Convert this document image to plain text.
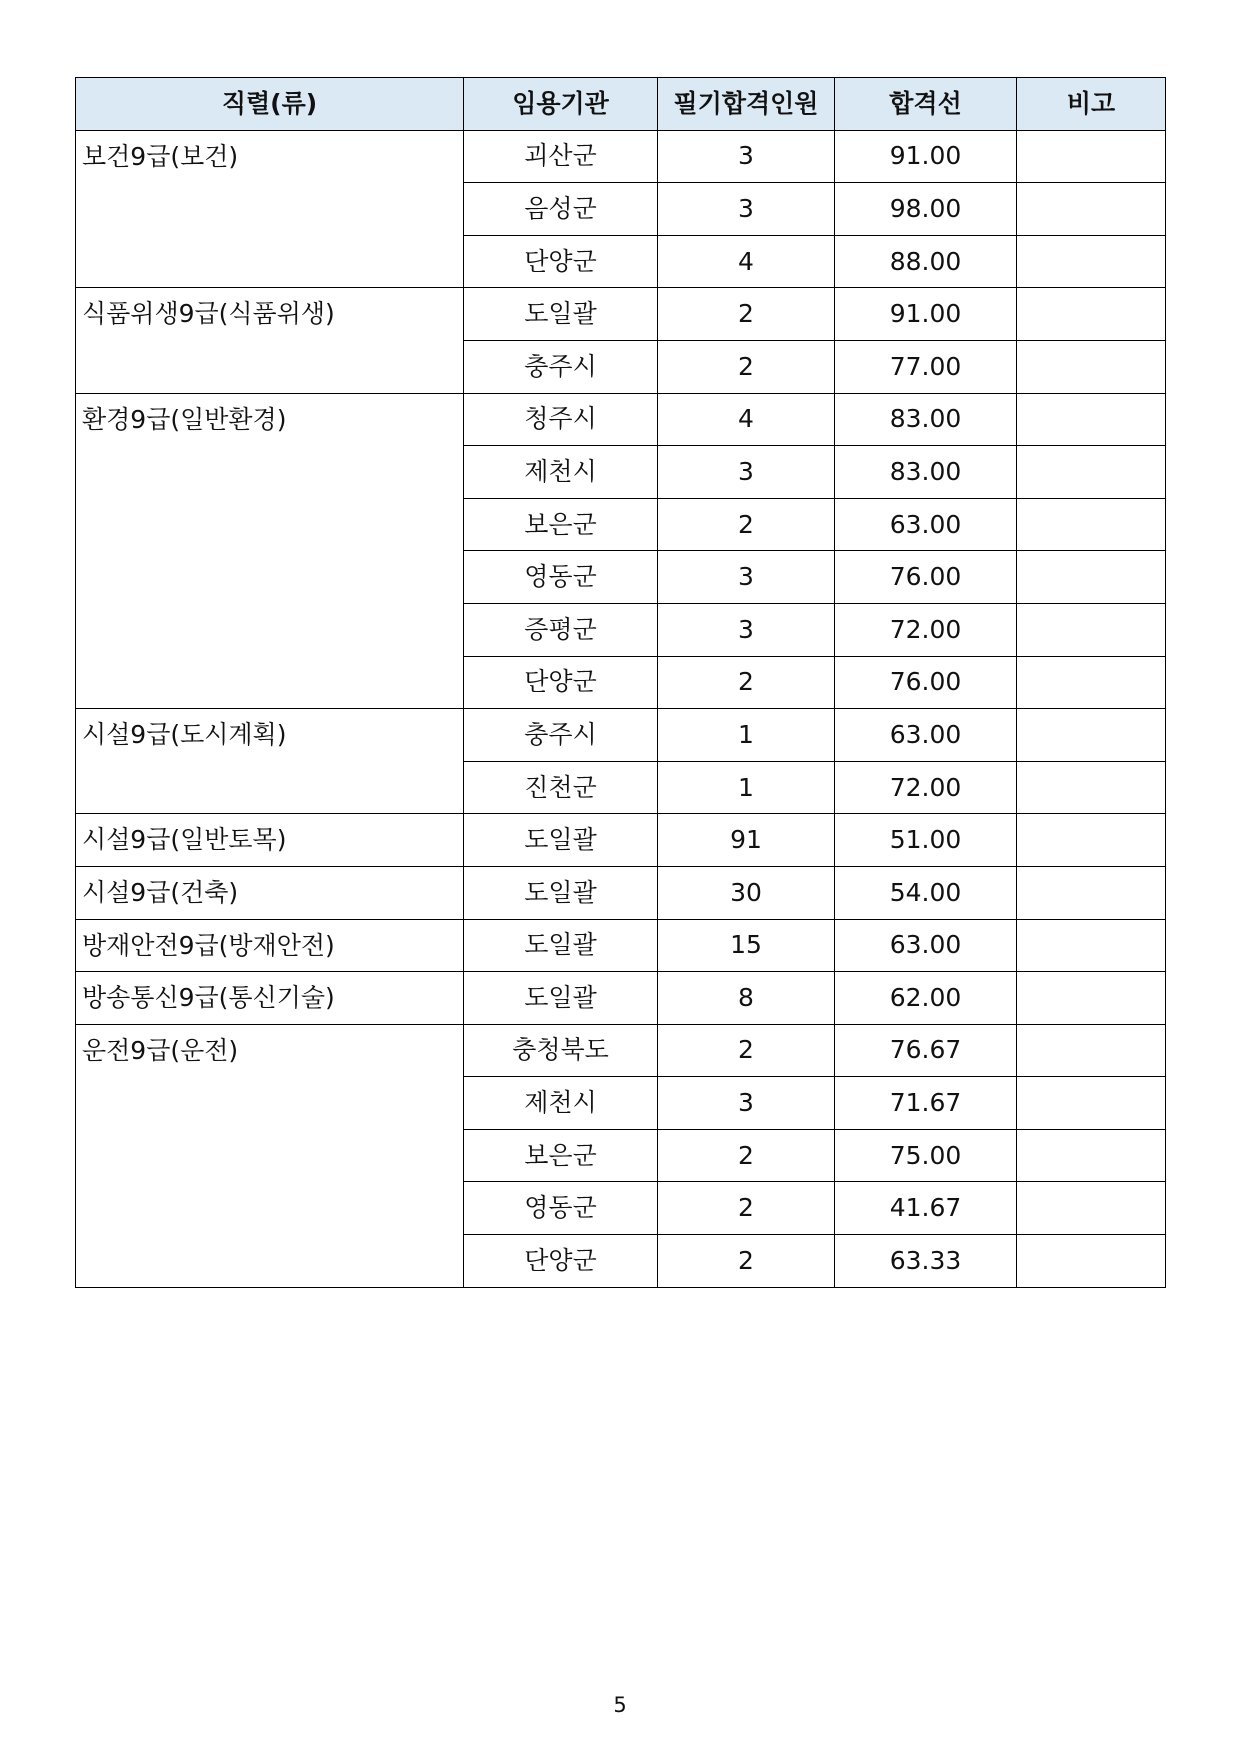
직렬(류)	임용기관	필기합격인원	합격선	비고
보건9급(보건)	괴산군	3	91.00	
	음성군	3	98.00	
	단양군	4	88.00	
식품위생9급(식품위생)	도일괄	2	91.00	
	충주시	2	77.00	
환경9급(일반환경)	청주시	4	83.00	
	제천시	3	83.00	
	보은군	2	63.00	
	영동군	3	76.00	
	증평군	3	72.00	
	단양군	2	76.00	
시설9급(도시계획)	충주시	1	63.00	
	진천군	1	72.00	
시설9급(일반토목)	도일괄	91	51.00	
시설9급(건축)	도일괄	30	54.00	
방재안전9급(방재안전)	도일괄	15	63.00	
방송통신9급(통신기술)	도일괄	8	62.00	
운전9급(운전)	충청북도	2	76.67	
	제천시	3	71.67	
	보은군	2	75.00	
	영동군	2	41.67	
	단양군	2	63.33	
5
